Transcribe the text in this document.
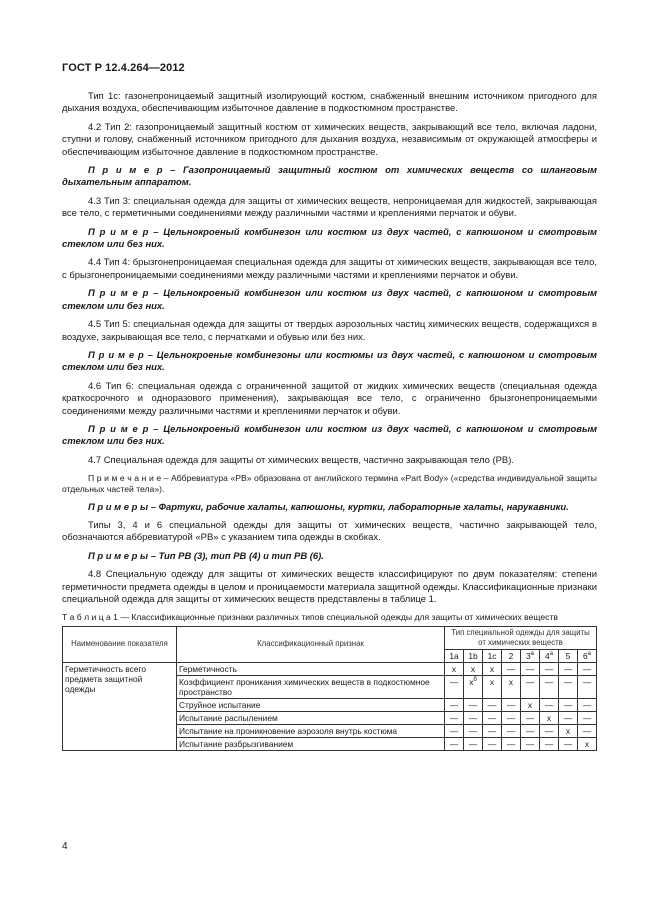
ГОСТ Р 12.4.264—2012

Тип 1c: газонепроницаемый защитный изолирующий костюм, снабженный внешним источником пригодного для дыхания воздуха, обеспечивающим избыточное давление в подкостюмном пространстве.

4.2 Тип 2: газопроницаемый защитный костюм от химических веществ, закрывающий все тело, включая ладони, ступни и голову, снабженный источником пригодного для дыхания воздуха, независимым от окружающей атмосферы и обеспечивающим избыточное давление в подкостюмном пространстве.

П р и м е р – Газопроницаемый защитный костюм от химических веществ со шланговым дыхательным аппаратом.

4.3 Тип 3: специальная одежда для защиты от химических веществ, непроницаемая для жидкостей, закрывающая все тело, с герметичными соединениями между различными частями и креплениями перчаток и обуви.

П р и м е р – Цельнокроеный комбинезон или костюм из двух частей, с капюшоном и смотровым стеклом или без них.

4.4 Тип 4: брызгонепроницаемая специальная одежда для защиты от химических веществ, закрывающая все тело, с брызгонепроницаемыми соединениями между различными частями и креплениями перчаток и обуви.

П р и м е р – Цельнокроеный комбинезон или костюм из двух частей, с капюшоном и смотровым стеклом или без них.

4.5 Тип 5: специальная одежда для защиты от твердых аэрозольных частиц химических веществ, содержащихся в воздухе, закрывающая все тело, с перчатками и обувью или без них.

П р и м е р – Цельнокроеные комбинезоны или костюмы из двух частей, с капюшоном и смотровым стеклом или без них.

4.6 Тип 6: специальная одежда с ограниченной защитой от жидких химических веществ (специальная одежда краткосрочного и одноразового применения), закрывающая все тело, с ограниченно брызгонепроницаемыми соединениями между различными частями и креплениями перчаток и обуви.

П р и м е р – Цельнокроеный комбинезон или костюм из двух частей, с капюшоном и смотровым стеклом или без них.

4.7 Специальная одежда для защиты от химических веществ, частично закрывающая тело (PB).

П р и м е ч а н и е – Аббревиатура «PB» образована от английского термина «Part Body» («средства индивидуальной защиты отдельных частей тела»).

П р и м е р ы – Фартуки, рабочие халаты, капюшоны, куртки, лабораторные халаты, нарукавники.

Типы 3, 4 и 6 специальной одежды для защиты от химических веществ, частично закрывающей тело, обозначаются аббревиатурой «PB» с указанием типа одежды в скобках.

П р и м е р ы – Тип PB (3), тип PB (4) и тип PB (6).

4.8 Специальную одежду для защиты от химических веществ классифицируют по двум показателям: степени герметичности предмета одежды в целом и проницаемости материала защитной одежды. Классификационные признаки специальной одежда для защиты от химических веществ представлены в таблице 1.

Т а б л и ц а 1 — Классификационные признаки различных типов специальной одежды для защиты от химических веществ

Наименование показателя	Классификационный признак	Тип специальной одежды для защиты от химических веществ							
		1a	1b	1c	2	$3^а$	$4^а$	5	$6^а$
Герметичность всего предмета защитной одежды	Герметичность	x	x	x	—	—	—	—	—
	Коэффициент проникания химических веществ в подкостюмное пространство	—	$x^б$	x	x	—	—	—	—
	Струйное испытание	—	—	—	—	x	—	—	—
	Испытание распылением	—	—	—	—	—	x	—	—
	Испытание на проникновение аэрозоля внутрь костюма	—	—	—	—	—	—	x	—
	Испытание разбрызгиванием	—	—	—	—	—	—	—	x
4
